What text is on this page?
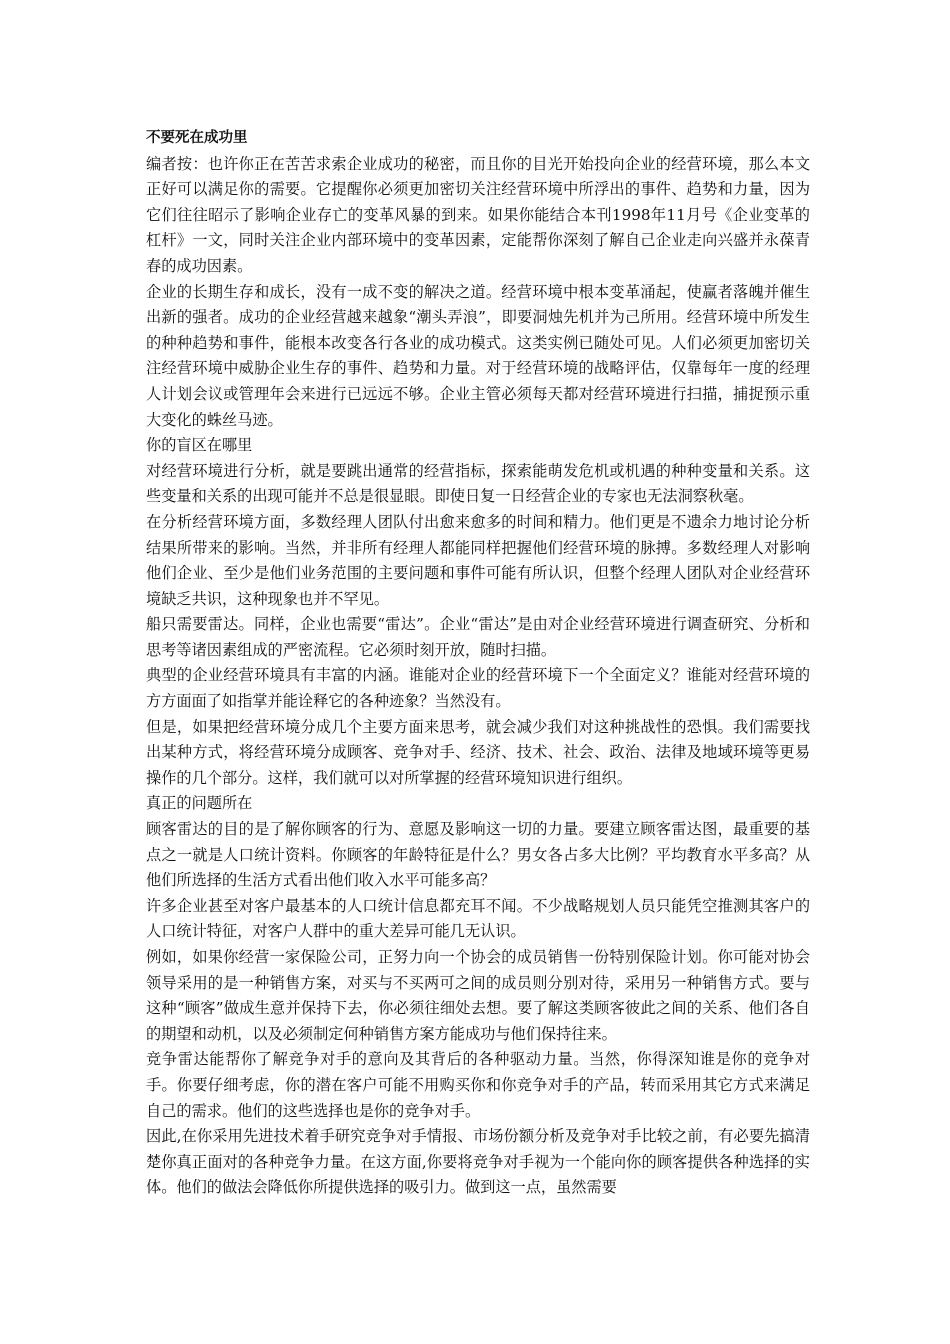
不要死在成功里

编者按：也许你正在苦苦求索企业成功的秘密，而且你的目光开始投向企业的经营环境，那么本文正好可以满足你的需要。它提醒你必须更加密切关注经营环境中所浮出的事件、趋势和力量，因为它们往往昭示了影响企业存亡的变革风暴的到来。如果你能结合本刊1998年11月号《企业变革的杠杆》一文，同时关注企业内部环境中的变革因素，定能帮你深刻了解自己企业走向兴盛并永葆青春的成功因素。

企业的长期生存和成长，没有一成不变的解决之道。经营环境中根本变革涌起，使赢者落魄并催生出新的强者。成功的企业经营越来越象“潮头弄浪”，即要洞烛先机并为己所用。经营环境中所发生的种种趋势和事件，能根本改变各行各业的成功模式。这类实例已随处可见。人们必须更加密切关注经营环境中威胁企业生存的事件、趋势和力量。对于经营环境的战略评估，仅靠每年一度的经理人计划会议或管理年会来进行已远远不够。企业主管必须每天都对经营环境进行扫描，捕捉预示重大变化的蛛丝马迹。

你的盲区在哪里

对经营环境进行分析，就是要跳出通常的经营指标，探索能萌发危机或机遇的种种变量和关系。这些变量和关系的出现可能并不总是很显眼。即使日复一日经营企业的专家也无法洞察秋毫。

在分析经营环境方面，多数经理人团队付出愈来愈多的时间和精力。他们更是不遗余力地讨论分析结果所带来的影响。当然，并非所有经理人都能同样把握他们经营环境的脉搏。多数经理人对影响他们企业、至少是他们业务范围的主要问题和事件可能有所认识，但整个经理人团队对企业经营环境缺乏共识，这种现象也并不罕见。

船只需要雷达。同样，企业也需要“雷达”。企业“雷达”是由对企业经营环境进行调查研究、分析和思考等诸因素组成的严密流程。它必须时刻开放，随时扫描。

典型的企业经营环境具有丰富的内涵。谁能对企业的经营环境下一个全面定义？谁能对经营环境的方方面面了如指掌并能诠释它的各种迹象？当然没有。

但是，如果把经营环境分成几个主要方面来思考，就会减少我们对这种挑战性的恐惧。我们需要找出某种方式，将经营环境分成顾客、竞争对手、经济、技术、社会、政治、法律及地域环境等更易操作的几个部分。这样，我们就可以对所掌握的经营环境知识进行组织。

真正的问题所在

顾客雷达的目的是了解你顾客的行为、意愿及影响这一切的力量。要建立顾客雷达图，最重要的基点之一就是人口统计资料。你顾客的年龄特征是什么？男女各占多大比例？平均教育水平多高？从他们所选择的生活方式看出他们收入水平可能多高？

许多企业甚至对客户最基本的人口统计信息都充耳不闻。不少战略规划人员只能凭空推测其客户的人口统计特征，对客户人群中的重大差异可能几无认识。

例如，如果你经营一家保险公司，正努力向一个协会的成员销售一份特别保险计划。你可能对协会领导采用的是一种销售方案，对买与不买两可之间的成员则分别对待，采用另一种销售方式。要与这种“顾客”做成生意并保持下去，你必须往细处去想。要了解这类顾客彼此之间的关系、他们各自的期望和动机，以及必须制定何种销售方案方能成功与他们保持往来。

竞争雷达能帮你了解竞争对手的意向及其背后的各种驱动力量。当然，你得深知谁是你的竞争对手。你要仔细考虑，你的潜在客户可能不用购买你和你竞争对手的产品，转而采用其它方式来满足自己的需求。他们的这些选择也是你的竞争对手。

因此,在你采用先进技术着手研究竞争对手情报、市场份额分析及竞争对手比较之前，有必要先搞清楚你真正面对的各种竞争力量。在这方面,你要将竞争对手视为一个能向你的顾客提供各种选择的实体。他们的做法会降低你所提供选择的吸引力。做到这一点，虽然需要
